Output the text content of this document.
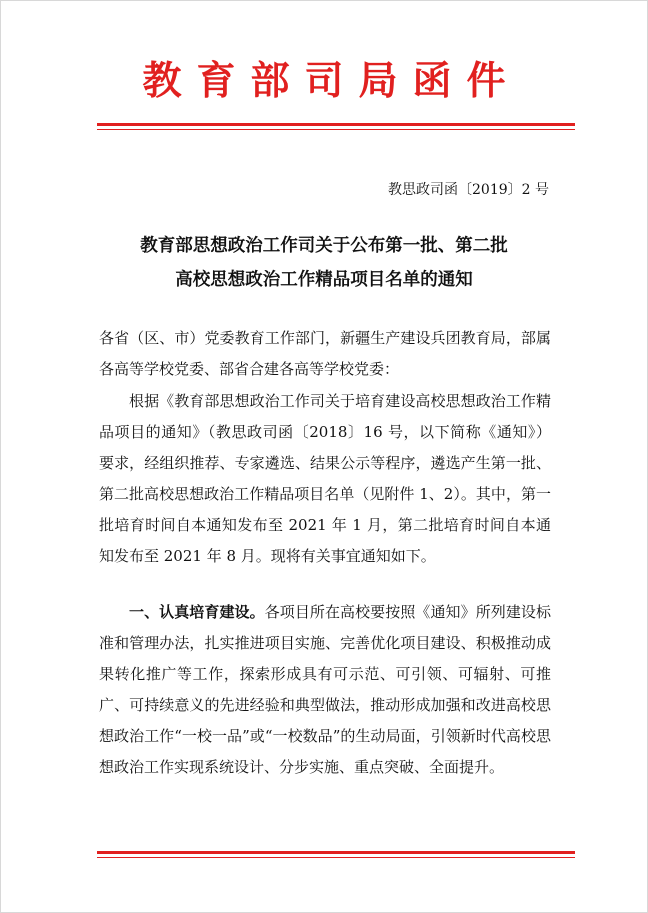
教育部司局函件
教思政司函〔2019〕2 号
教育部思想政治工作司关于公布第一批、第二批
高校思想政治工作精品项目名单的通知

各省（区、市）党委教育工作部门，新疆生产建设兵团教育局，部属各高等学校党委、部省合建各高等学校党委：

根据《教育部思想政治工作司关于培育建设高校思想政治工作精品项目的通知》（教思政司函〔2018〕16 号，以下简称《通知》）要求，经组织推荐、专家遴选、结果公示等程序，遴选产生第一批、第二批高校思想政治工作精品项目名单（见附件 1、2）。其中，第一批培育时间自本通知发布至 2021 年 1 月，第二批培育时间自本通知发布至 2021 年 8 月。现将有关事宜通知如下。

一、认真培育建设。各项目所在高校要按照《通知》所列建设标准和管理办法，扎实推进项目实施、完善优化项目建设、积极推动成果转化推广等工作，探索形成具有可示范、可引领、可辐射、可推广、可持续意义的先进经验和典型做法，推动形成加强和改进高校思想政治工作“一校一品”或“一校数品”的生动局面，引领新时代高校思想政治工作实现系统设计、分步实施、重点突破、全面提升。
